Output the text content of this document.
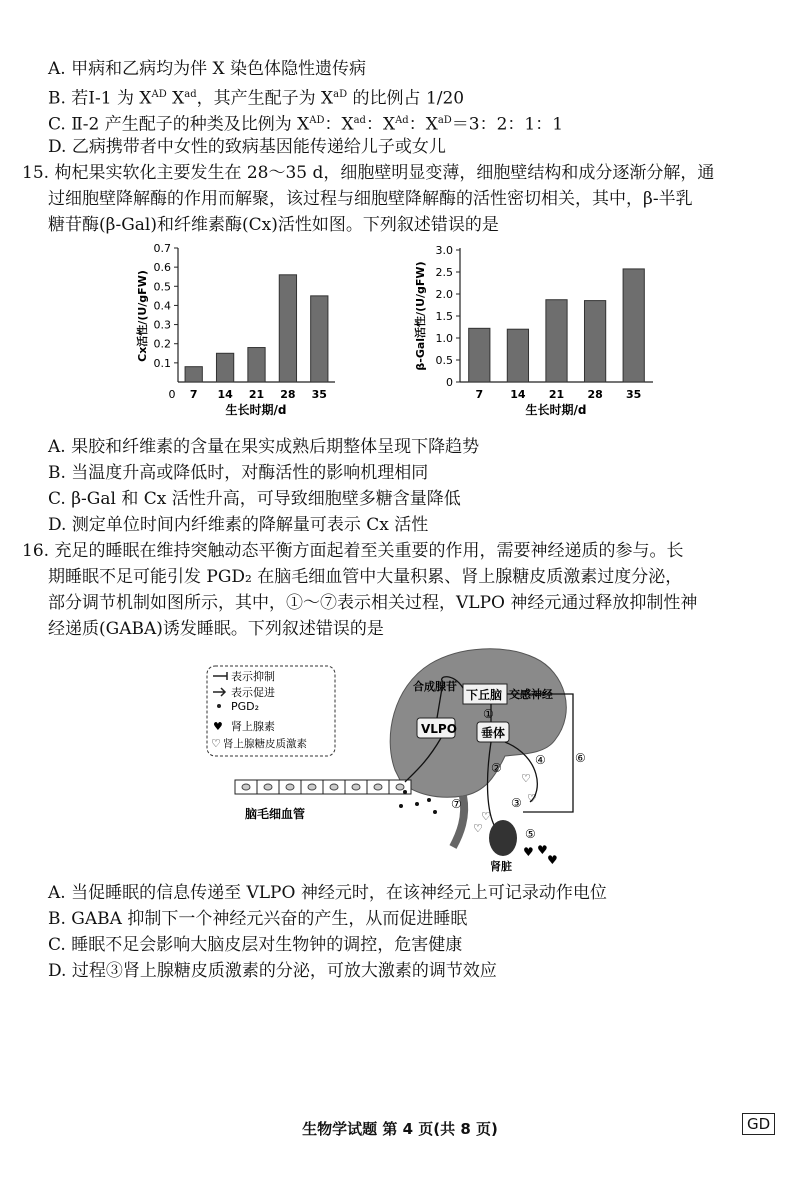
A. 甲病和乙病均为伴 X 染色体隐性遗传病
B. 若Ⅰ-1 为 $X^{AD}$ $X^{ad}$，其产生配子为 $X^{aD}$ 的比例占 1/20
C. Ⅱ-2 产生配子的种类及比例为 $X^{AD}$：$X^{ad}$：$X^{Ad}$：$X^{aD}=3$：2：1：1
D. 乙病携带者中女性的致病基因能传递给儿子或女儿
15. 枸杞果实软化主要发生在 28～35 d，细胞壁明显变薄，细胞壁结构和成分逐渐分解，通
过细胞壁降解酶的作用而解聚，该过程与细胞壁降解酶的活性密切相关，其中，β-半乳
糖苷酶(β-Gal)和纤维素酶(Cx)活性如图。下列叙述错误的是
0.1
0.2
0.3
0.4
0.5
0.6
0.7
7 14 21 28 35
0
生长时期/d
Cx活性/(U/gFW)
0
0.5
1.0
1.5
2.0
2.5
3.0
7 14 21 28 35
生长时期/d
β-Gal活性/(U/gFW)
A. 果胶和纤维素的含量在果实成熟后期整体呈现下降趋势
B. 当温度升高或降低时，对酶活性的影响机理相同
C. β-Gal 和 Cx 活性升高，可导致细胞壁多糖含量降低
D. 测定单位时间内纤维素的降解量可表示 Cx 活性
16. 充足的睡眠在维持突触动态平衡方面起着至关重要的作用，需要神经递质的参与。长
期睡眠不足可能引发 PGD₂ 在脑毛细血管中大量积累、肾上腺糖皮质激素过度分泌，
部分调节机制如图所示，其中，①～⑦表示相关过程，VLPO 神经元通过释放抑制性神
经递质(GABA)诱发睡眠。下列叙述错误的是
表示抑制
表示促进
PGD₂
♥ 肾上腺素
♡ 肾上腺糖皮质激素
合成腺苷
下丘脑 交感神经
VLPO 垂体
①
⑥
②
④
③
♡
♡
脑毛细血管
⑦
肾脏
⑤
♡
♡
♥ ♥
♥
A. 当促睡眠的信息传递至 VLPO 神经元时，在该神经元上可记录动作电位
B. GABA 抑制下一个神经元兴奋的产生，从而促进睡眠
C. 睡眠不足会影响大脑皮层对生物钟的调控，危害健康
D. 过程③肾上腺糖皮质激素的分泌，可放大激素的调节效应
生物学试题 第 4 页(共 8 页)	GD
